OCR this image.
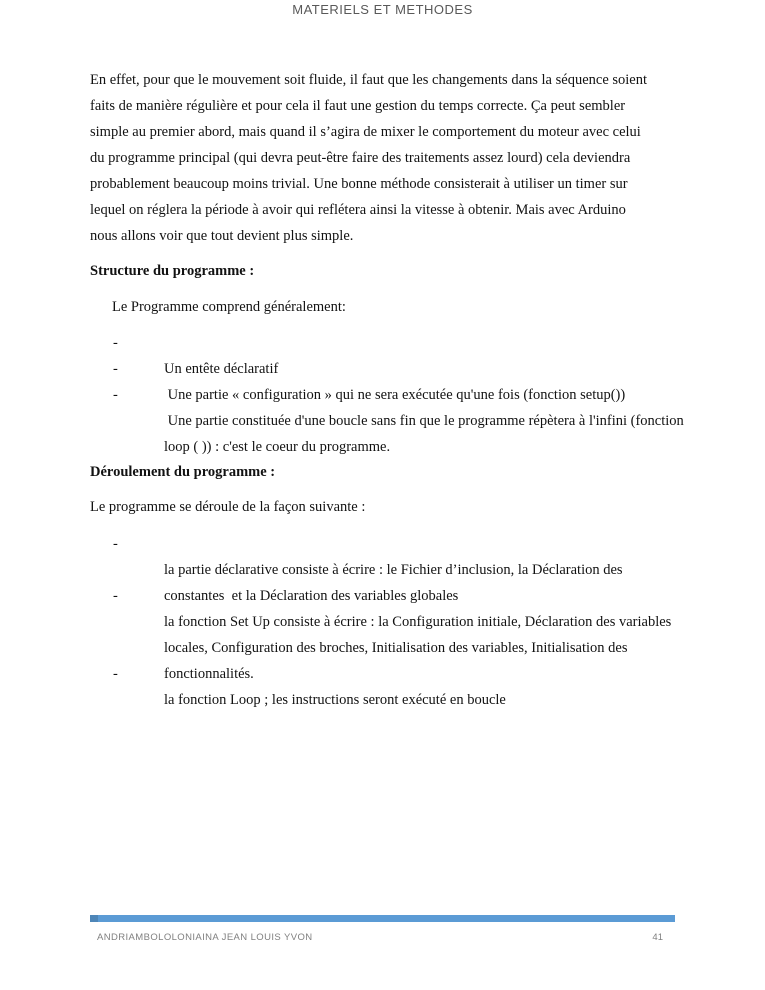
MATERIELS ET METHODES
En effet, pour que le mouvement soit fluide, il faut que les changements dans la séquence soient
faits de manière régulière et pour cela il faut une gestion du temps correcte. Ça peut sembler
simple au premier abord, mais quand il s’agira de mixer le comportement du moteur avec celui
du programme principal (qui devra peut-être faire des traitements assez lourd) cela deviendra
probablement beaucoup moins trivial. Une bonne méthode consisterait à utiliser un timer sur
lequel on réglera la période à avoir qui reflétera ainsi la vitesse à obtenir. Mais avec Arduino
nous allons voir que tout devient plus simple.
Structure du programme :
Le Programme comprend généralement:

-
Un entête déclaratif

-
Une partie « configuration » qui ne sera exécutée qu'une fois (fonction setup())

-
Une partie constituée d'une boucle sans fin que le programme répètera à l'infini (fonction

loop ( )) : c'est le coeur du programme.

Déroulement du programme :
Le programme se déroule de la façon suivante :

-
la partie déclarative consiste à écrire : le Fichier d’inclusion, la Déclaration des

constantes  et la Déclaration des variables globales

-
la fonction Set Up consiste à écrire : la Configuration initiale, Déclaration des variables

locales, Configuration des broches, Initialisation des variables, Initialisation des

fonctionnalités.

-
la fonction Loop ; les instructions seront exécuté en boucle

ANDRIAMBOLOLONIAINA JEAN LOUIS YVON	41
